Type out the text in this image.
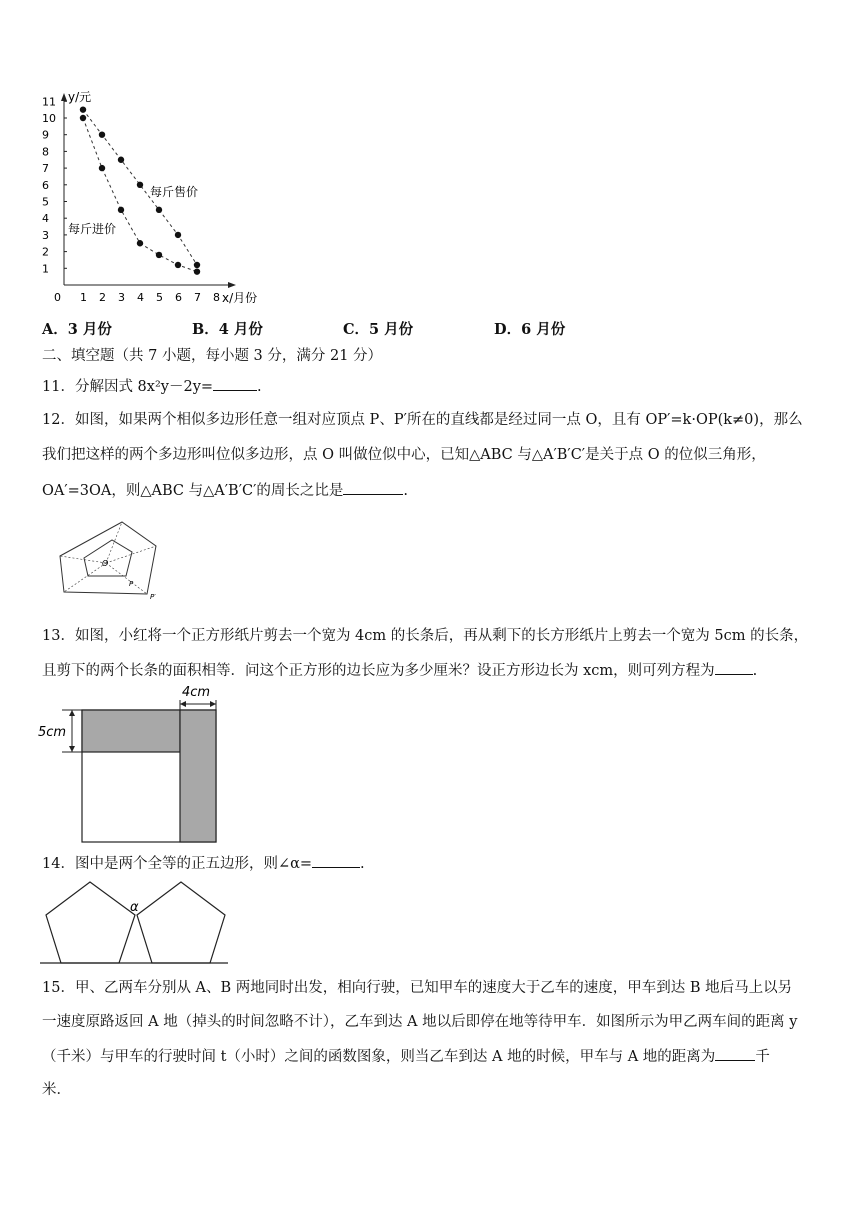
y/元
x/月份
11
10
9
8
7
6
5
4
3
2
1
0 1 2 3 4 5 6 7 8
每斤售价
每斤进价
A．3 月份	B．4 月份	C．5 月份	D．6 月份
二、填空题（共 7 小题，每小题 3 分，满分 21 分）
11．分解因式 8x²y－2y=	.
12．如图，如果两个相似多边形任意一组对应顶点 P、P′所在的直线都是经过同一点 O，且有 OP′=k·OP(k≠0)，那么
我们把这样的两个多边形叫位似多边形，点 O 叫做位似中心，已知△ABC 与△A′B′C′是关于点 O 的位似三角形，
OA′=3OA，则△ABC 与△A′B′C′的周长之比是	.
O
P
P′
13．如图，小红将一个正方形纸片剪去一个宽为 4cm 的长条后，再从剩下的长方形纸片上剪去一个宽为 5cm 的长条，
且剪下的两个长条的面积相等．问这个正方形的边长应为多少厘米？设正方形边长为 xcm，则可列方程为	.
4cm
5cm
14．图中是两个全等的正五边形，则∠α=	.
α
15．甲、乙两车分别从 A、B 两地同时出发，相向行驶，已知甲车的速度大于乙车的速度，甲车到达 B 地后马上以另
一速度原路返回 A 地（掉头的时间忽略不计），乙车到达 A 地以后即停在地等待甲车．如图所示为甲乙两车间的距离 y
（千米）与甲车的行驶时间 t（小时）之间的函数图象，则当乙车到达 A 地的时候，甲车与 A 地的距离为	千
米．
